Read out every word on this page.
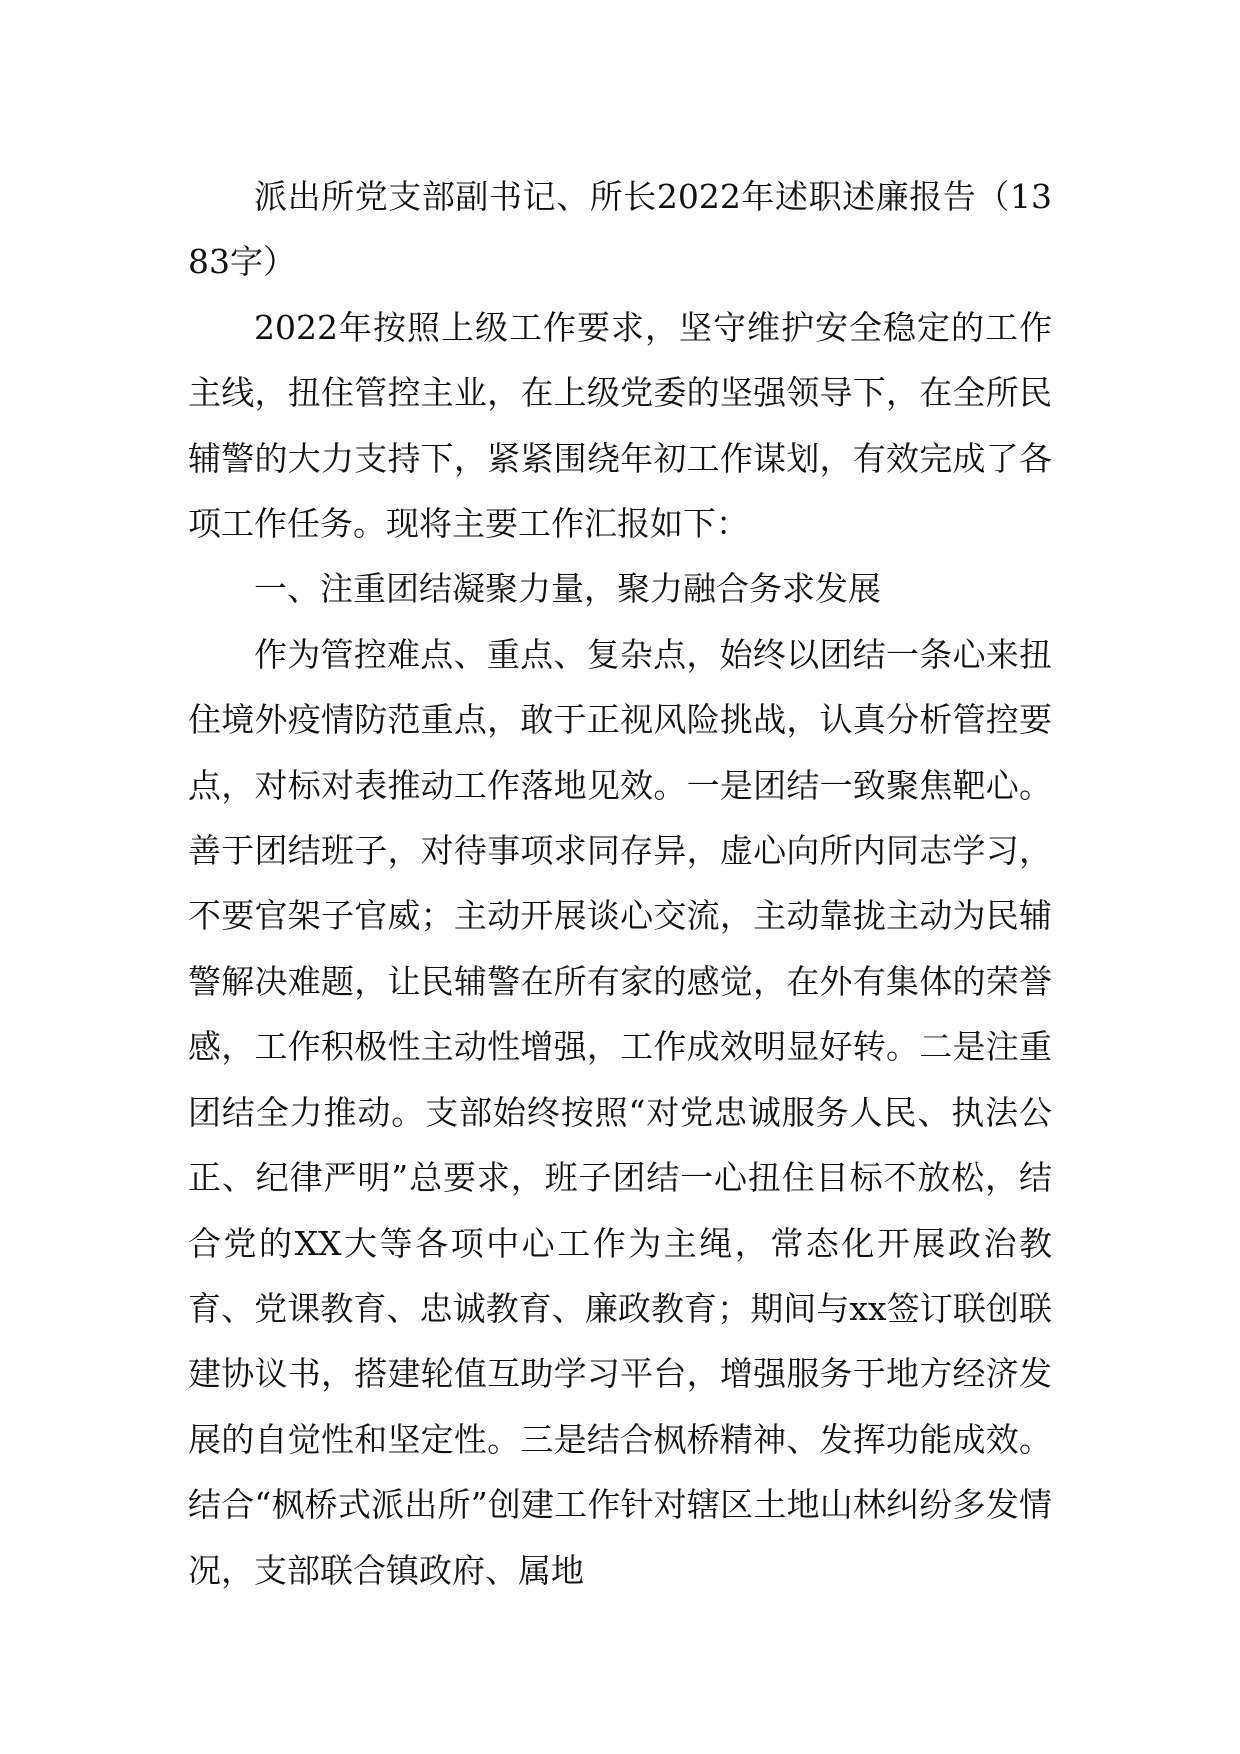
派出所党支部副书记、所长2022年述职述廉报告（1383字）

2022年按照上级工作要求，坚守维护安全稳定的工作主线，扭住管控主业，在上级党委的坚强领导下，在全所民辅警的大力支持下，紧紧围绕年初工作谋划，有效完成了各项工作任务。现将主要工作汇报如下：

一、注重团结凝聚力量，聚力融合务求发展

作为管控难点、重点、复杂点，始终以团结一条心来扭住境外疫情防范重点，敢于正视风险挑战，认真分析管控要点，对标对表推动工作落地见效。一是团结一致聚焦靶心。善于团结班子，对待事项求同存异，虚心向所内同志学习，不要官架子官威；主动开展谈心交流，主动靠拢主动为民辅警解决难题，让民辅警在所有家的感觉，在外有集体的荣誉感，工作积极性主动性增强，工作成效明显好转。二是注重团结全力推动。支部始终按照“对党忠诚服务人民、执法公正、纪律严明”总要求，班子团结一心扭住目标不放松，结合党的XX大等各项中心工作为主绳，常态化开展政治教育、党课教育、忠诚教育、廉政教育；期间与xx签订联创联建协议书，搭建轮值互助学习平台，增强服务于地方经济发展的自觉性和坚定性。三是结合枫桥精神、发挥功能成效。结合“枫桥式派出所”创建工作针对辖区土地山林纠纷多发情况，支部联合镇政府、属地
